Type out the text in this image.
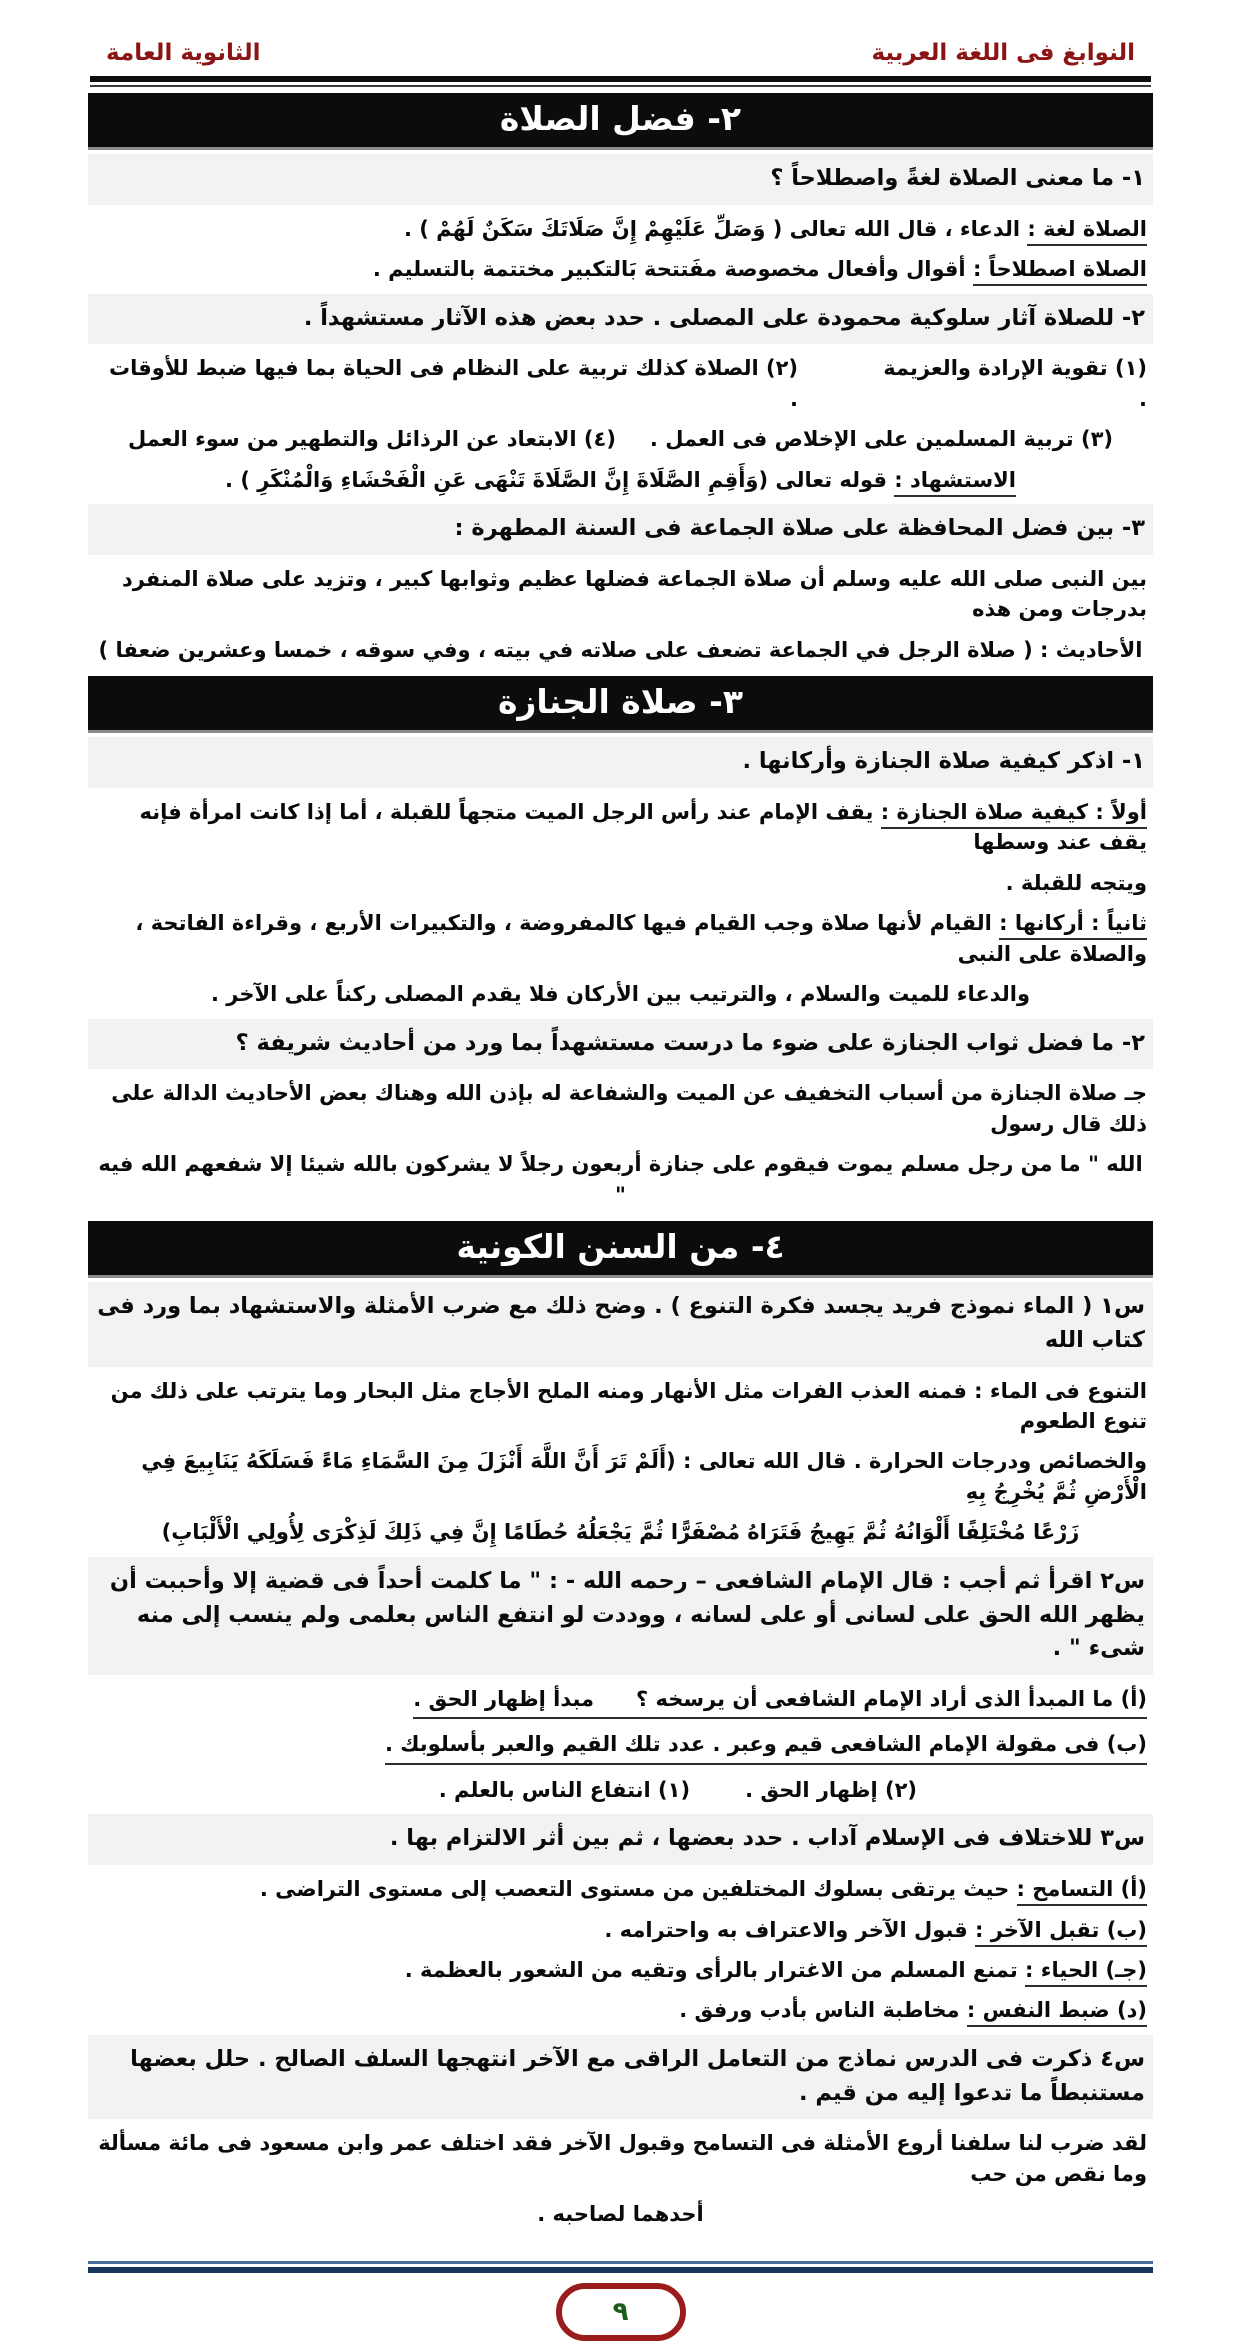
النوابغ فى اللغة العربية
الثانوية العامة
٢- فضل الصلاة
١- ما معنى الصلاة لغةً واصطلاحاً ؟
الصلاة لغة : الدعاء ، قال الله تعالى ( وَصَلِّ عَلَيْهِمْ إِنَّ صَلَاتَكَ سَكَنٌ لَهُمْ ) .
الصلاة اصطلاحاً : أقوال وأفعال مخصوصة مفَتتحة بَالتكبير مختتمة بالتسليم .
٢- للصلاة آثار سلوكية محمودة على المصلى . حدد بعض هذه الآثار مستشهداً .
(١) تقوية الإرادة والعزيمة .
(٢) الصلاة كذلك تربية على النظام فى الحياة بما فيها ضبط للأوقات .
(٣) تربية المسلمين على الإخلاص فى العمل .
(٤) الابتعاد عن الرذائل والتطهير من سوء العمل
الاستشهاد : قوله تعالى (وَأَقِمِ الصَّلَاةَ إِنَّ الصَّلَاةَ تَنْهَى عَنِ الْفَحْشَاءِ وَالْمُنْكَرِ ) .
٣- بين فضل المحافظة على صلاة الجماعة فى السنة المطهرة :
بين النبى صلى الله عليه وسلم أن صلاة الجماعة فضلها عظيم وثوابها كبير ، وتزيد على صلاة المنفرد بدرجات ومن هذه
الأحاديث : ( صلاة الرجل في الجماعة تضعف على صلاته في بيته ، وفي سوقه ، خمسا وعشرين ضعفا )
٣- صلاة الجنازة
١- اذكر كيفية صلاة الجنازة وأركانها .
أولاً : كيفية صلاة الجنازة : يقف الإمام عند رأس الرجل الميت متجهاً للقبلة ، أما إذا كانت امرأة فإنه يقف عند وسطها
ويتجه للقبلة .
ثانياً : أركانها : القيام لأنها صلاة وجب القيام فيها كالمفروضة ، والتكبيرات الأربع ، وقراءة الفاتحة ، والصلاة على النبى
والدعاء للميت والسلام ، والترتيب بين الأركان فلا يقدم المصلى ركناً على الآخر .
٢- ما فضل ثواب الجنازة على ضوء ما درست مستشهداً بما ورد من أحاديث شريفة ؟
جـ صلاة الجنازة من أسباب التخفيف عن الميت والشفاعة له بإذن الله وهناك بعض الأحاديث الدالة على ذلك قال رسول
الله " ما من رجل مسلم يموت فيقوم على جنازة أربعون رجلاً لا يشركون بالله شيئا إلا شفعهم الله فيه "
٤- من السنن الكونية
س١ ( الماء نموذج فريد يجسد فكرة التنوع ) . وضح ذلك مع ضرب الأمثلة والاستشهاد بما ورد فى كتاب الله
التنوع فى الماء : فمنه العذب الفرات مثل الأنهار ومنه الملح الأجاج مثل البحار وما يترتب على ذلك من تنوع الطعوم
والخصائص ودرجات الحرارة . قال الله تعالى : (أَلَمْ تَرَ أَنَّ اللَّهَ أَنْزَلَ مِنَ السَّمَاءِ مَاءً فَسَلَكَهُ يَنَابِيعَ فِي الْأَرْضِ ثُمَّ يُخْرِجُ بِهِ
زَرْعًا مُخْتَلِفًا أَلْوَانُهُ ثُمَّ يَهِيجُ فَتَرَاهُ مُصْفَرًّا ثُمَّ يَجْعَلُهُ حُطَامًا إِنَّ فِي ذَلِكَ لَذِكْرَى لِأُولِي الْأَلْبَابِ)
س٢ اقرأ ثم أجب : قال الإمام الشافعى – رحمه الله - : " ما كلمت أحداً فى قضية إلا وأحببت أن يظهر الله الحق على لسانى أو على لسانه ، ووددت لو انتفع الناس بعلمى ولم ينسب إلى منه شىء " .
(أ) ما المبدأ الذى أراد الإمام الشافعى أن يرسخه ؟
مبدأ إظهار الحق .
(ب) فى مقولة الإمام الشافعى قيم وعبر . عدد تلك القيم والعبر بأسلوبك .
(٢) إظهار الحق .
(١) انتفاع الناس بالعلم .
س٣ للاختلاف فى الإسلام آداب . حدد بعضها ، ثم بين أثر الالتزام بها .
(أ) التسامح : حيث يرتقى بسلوك المختلفين من مستوى التعصب إلى مستوى التراضى .
(ب) تقبل الآخر : قبول الآخر والاعتراف به واحترامه .
(جـ) الحياء : تمنع المسلم من الاغترار بالرأى وتقيه من الشعور بالعظمة .
(د) ضبط النفس : مخاطبة الناس بأدب ورفق .
س٤ ذكرت فى الدرس نماذج من التعامل الراقى مع الآخر انتهجها السلف الصالح . حلل بعضها مستنبطاً ما تدعوا إليه من قيم .
لقد ضرب لنا سلفنا أروع الأمثلة فى التسامح وقبول الآخر فقد اختلف عمر وابن مسعود فى مائة مسألة وما نقص من حب
أحدهما لصاحبه .
٩
